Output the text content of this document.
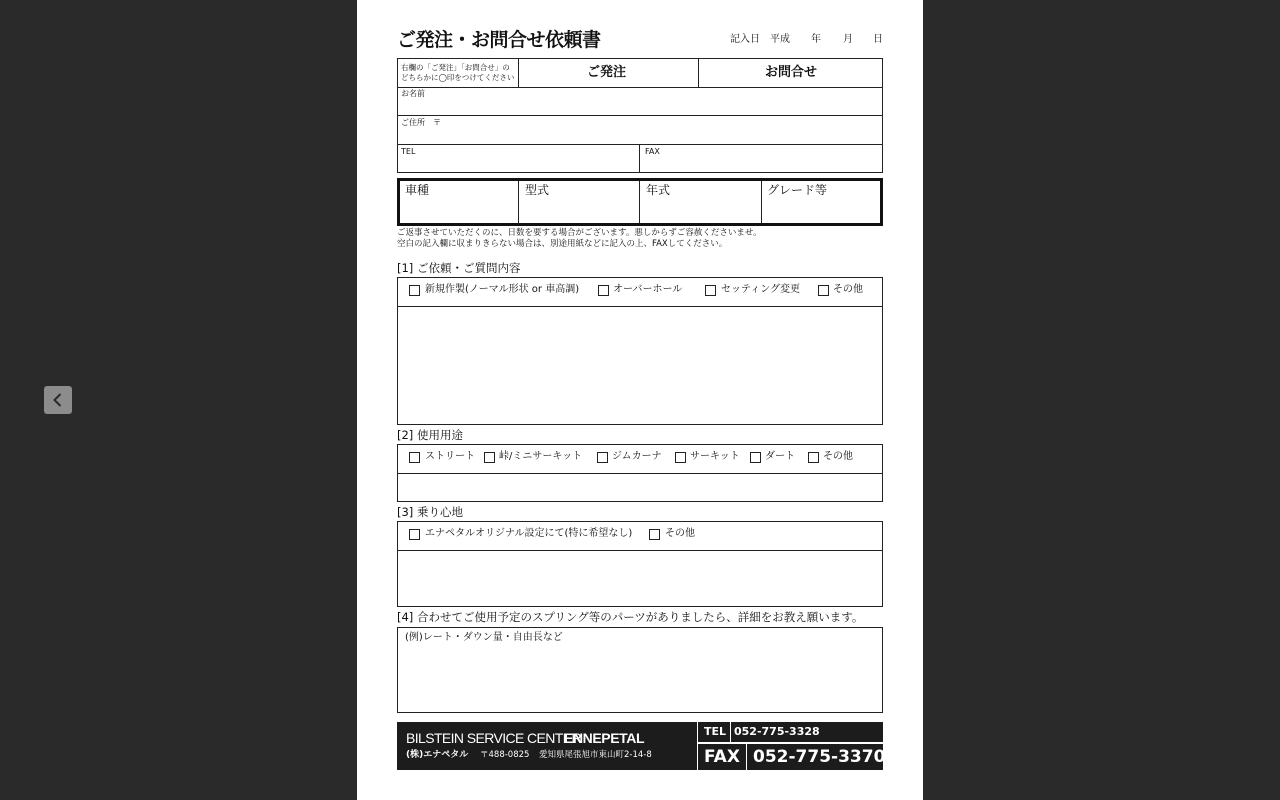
ご発注・お問合せ依頼書	記入日 平成 年 月 日
右欄の「ご発注」「お問合せ」の
どちらかに◯印をつけてください	ご発注	お問合せ
お名前
ご住所 〒
TEL	FAX
車種	型式	年式	グレード等
ご返事させていただくのに、日数を要する場合がございます。悪しからずご容赦くださいませ。
空白の記入欄に収まりきらない場合は、別途用紙などに記入の上、FAXしてください。
[1] ご依頼・ご質問内容
新規作製(ノーマル形状 or 車高調)	オーバーホール	セッティング変更	その他
[2] 使用用途
ストリート 峠/ミニサーキット	ジムカーナ	サーキット	ダート	その他
[3] 乗り心地
エナペタルオリジナル設定にて(特に希望なし)	その他
[4] 合わせてご使用予定のスプリング等のパーツがありましたら、詳細をお教え願います。
(例)レート・ダウン量・自由長など
BILSTEIN SERVICE CENTER
ENNEPETAL
(株)エナペタル 〒488-0825 愛知県尾張旭市東山町2-14-8
TEL 052-775-3328
FAX 052-775-3370
